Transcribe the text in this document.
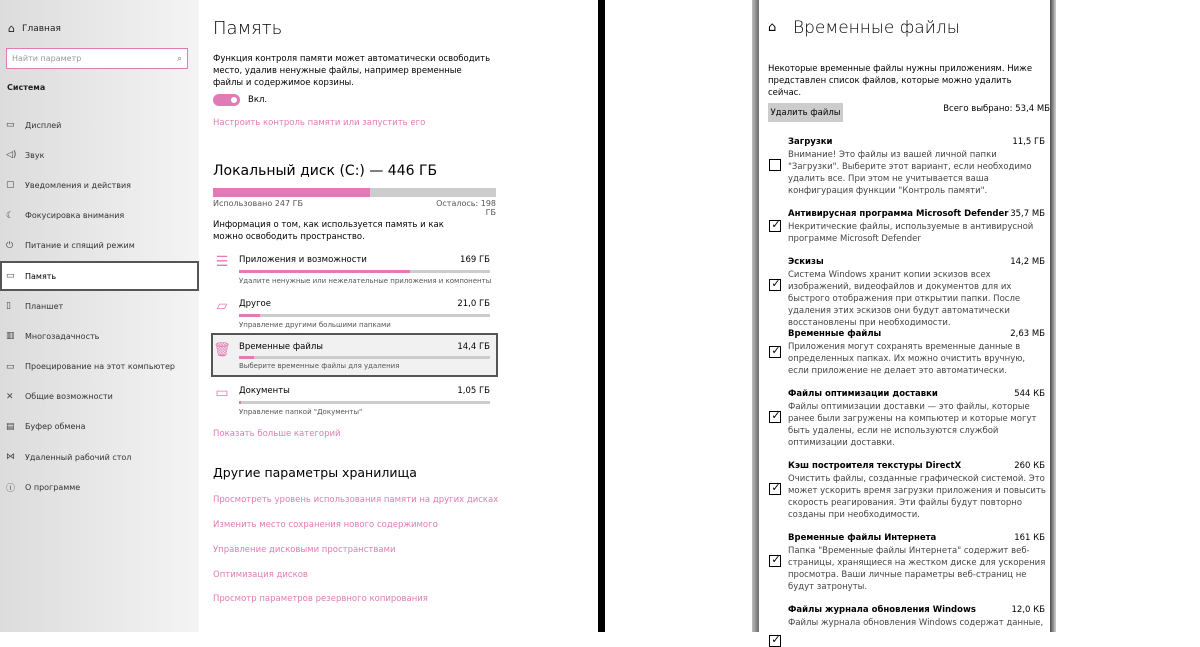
⌂ Главная
Найти параметр
⌕
Система
▭	Дисплей
◁)	Звук
▢	Уведомления и действия
☾	Фокусировка внимания
⏻	Питание и спящий режим
▭	Память
▯	Планшет
▥	Многозадачность
▭	Проецирование на этот компьютер
✕	Общие возможности
▤	Буфер обмена
⋈	Удаленный рабочий стол
ⓘ	О программе
Память
Функция контроля памяти может автоматически освободить место, удалив ненужные файлы, например временные файлы и содержимое корзины.
Вкл.
Настроить контроль памяти или запустить его
Локальный диск (C:) — 446 ГБ
Использовано 247 ГБ	Осталось: 198 ГБ
Информация о том, как используется память и как можно освободить пространство.
☰	Приложения и возможности	169 ГБ
Удалите ненужные или нежелательные приложения и компоненты
▱	Другое	21,0 ГБ
Управление другими большими папками
🗑 Временные файлы	14,4 ГБ
Выберите временные файлы для удаления
▭ Документы	1,05 ГБ
Управление папкой "Документы"
Показать больше категорий
Другие параметры хранилища
Просмотреть уровень использования памяти на других дисках
Изменить место сохранения нового содержимого
Управление дисковыми пространствами
Оптимизация дисков
Просмотр параметров резервного копирования
⌂ Временные файлы
Некоторые временные файлы нужны приложениям. Ниже представлен список файлов, которые можно удалить сейчас.
Удалить файлы	Всего выбрано: 53,4 МБ
Загрузки	11,5 ГБ
Внимание! Это файлы из вашей личной папки "Загрузки". Выберите этот вариант, если необходимо удалить все. При этом не учитывается ваша конфигурация функции "Контроль памяти".
✓
Антивирусная программа Microsoft Defender 35,7 МБ
Некритические файлы, используемые в антивирусной программе Microsoft Defender
✓
Эскизы	14,2 МБ
Система Windows хранит копии эскизов всех изображений, видеофайлов и документов для их быстрого отображения при открытии папки. После удаления этих эскизов они будут автоматически восстановлены при необходимости.
✓
Временные файлы	2,63 МБ
Приложения могут сохранять временные данные в определенных папках. Их можно очистить вручную, если приложение не делает это автоматически.
✓
Файлы оптимизации доставки	544 КБ
Файлы оптимизации доставки — это файлы, которые ранее были загружены на компьютер и которые могут быть удалены, если не используются службой оптимизации доставки.
✓
Кэш построителя текстуры DirectX	260 КБ
Очистить файлы, созданные графической системой. Это может ускорить время загрузки приложения и повысить скорость реагирования. Эти файлы будут повторно созданы при необходимости.
✓
Временные файлы Интернета	161 КБ
Папка "Временные файлы Интернета" содержит веб-страницы, хранящиеся на жестком диске для ускорения просмотра. Ваши личные параметры веб-страниц не будут затронуты.
✓
Файлы журнала обновления Windows	12,0 КБ
Файлы журнала обновления Windows содержат данные,
